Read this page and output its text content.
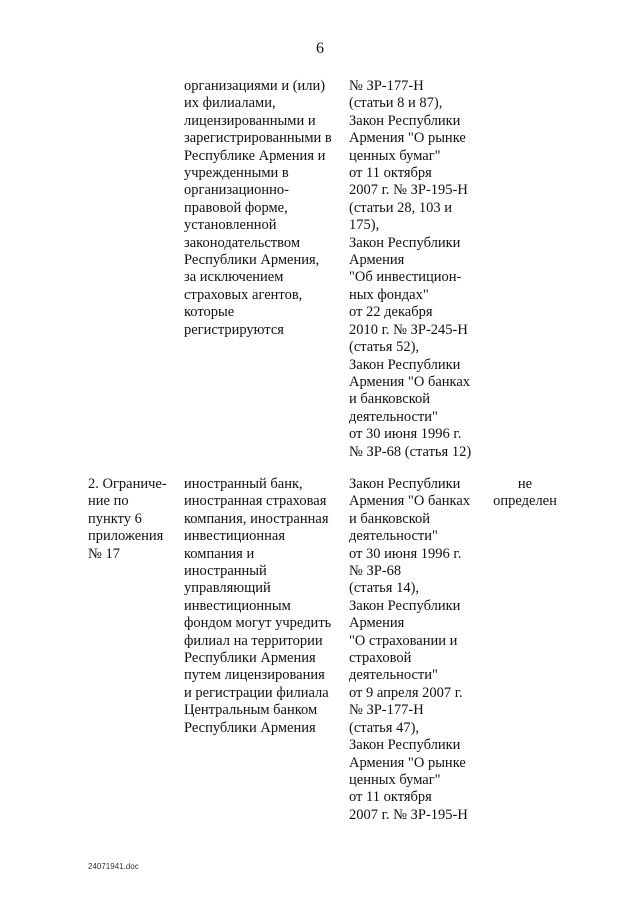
6
организациями и (или)
их филиалами,
лицензированными и
зарегистрированными в
Республике Армения и
учрежденными в
организационно-
правовой форме,
установленной
законодательством
Республики Армения,
за исключением
страховых агентов,
которые
регистрируются
№ ЗР-177-Н
(статьи 8 и 87),
Закон Республики
Армения "О рынке
ценных бумаг"
от 11 октября
2007 г. № ЗР-195-Н
(статьи 28, 103 и
175),
Закон Республики
Армения
"Об инвестицион-
ных фондах"
от 22 декабря
2010 г. № ЗР-245-Н
(статья 52),
Закон Республики
Армения "О банках
и банковской
деятельности"
от 30 июня 1996 г.
№ ЗР-68 (статья 12)
2. Ограниче-
ние по
пункту 6
приложения
№ 17
иностранный банк,
иностранная страховая
компания, иностранная
инвестиционная
компания и
иностранный
управляющий
инвестиционным
фондом могут учредить
филиал на территории
Республики Армения
путем лицензирования
и регистрации филиала
Центральным банком
Республики Армения
Закон Республики
Армения "О банках
и банковской
деятельности"
от 30 июня 1996 г.
№ ЗР-68
(статья 14),
Закон Республики
Армения
"О страховании и
страховой
деятельности"
от 9 апреля 2007 г.
№ ЗР-177-Н
(статья 47),
Закон Республики
Армения "О рынке
ценных бумаг"
от 11 октября
2007 г. № ЗР-195-Н
не
определен
24071941.doc
